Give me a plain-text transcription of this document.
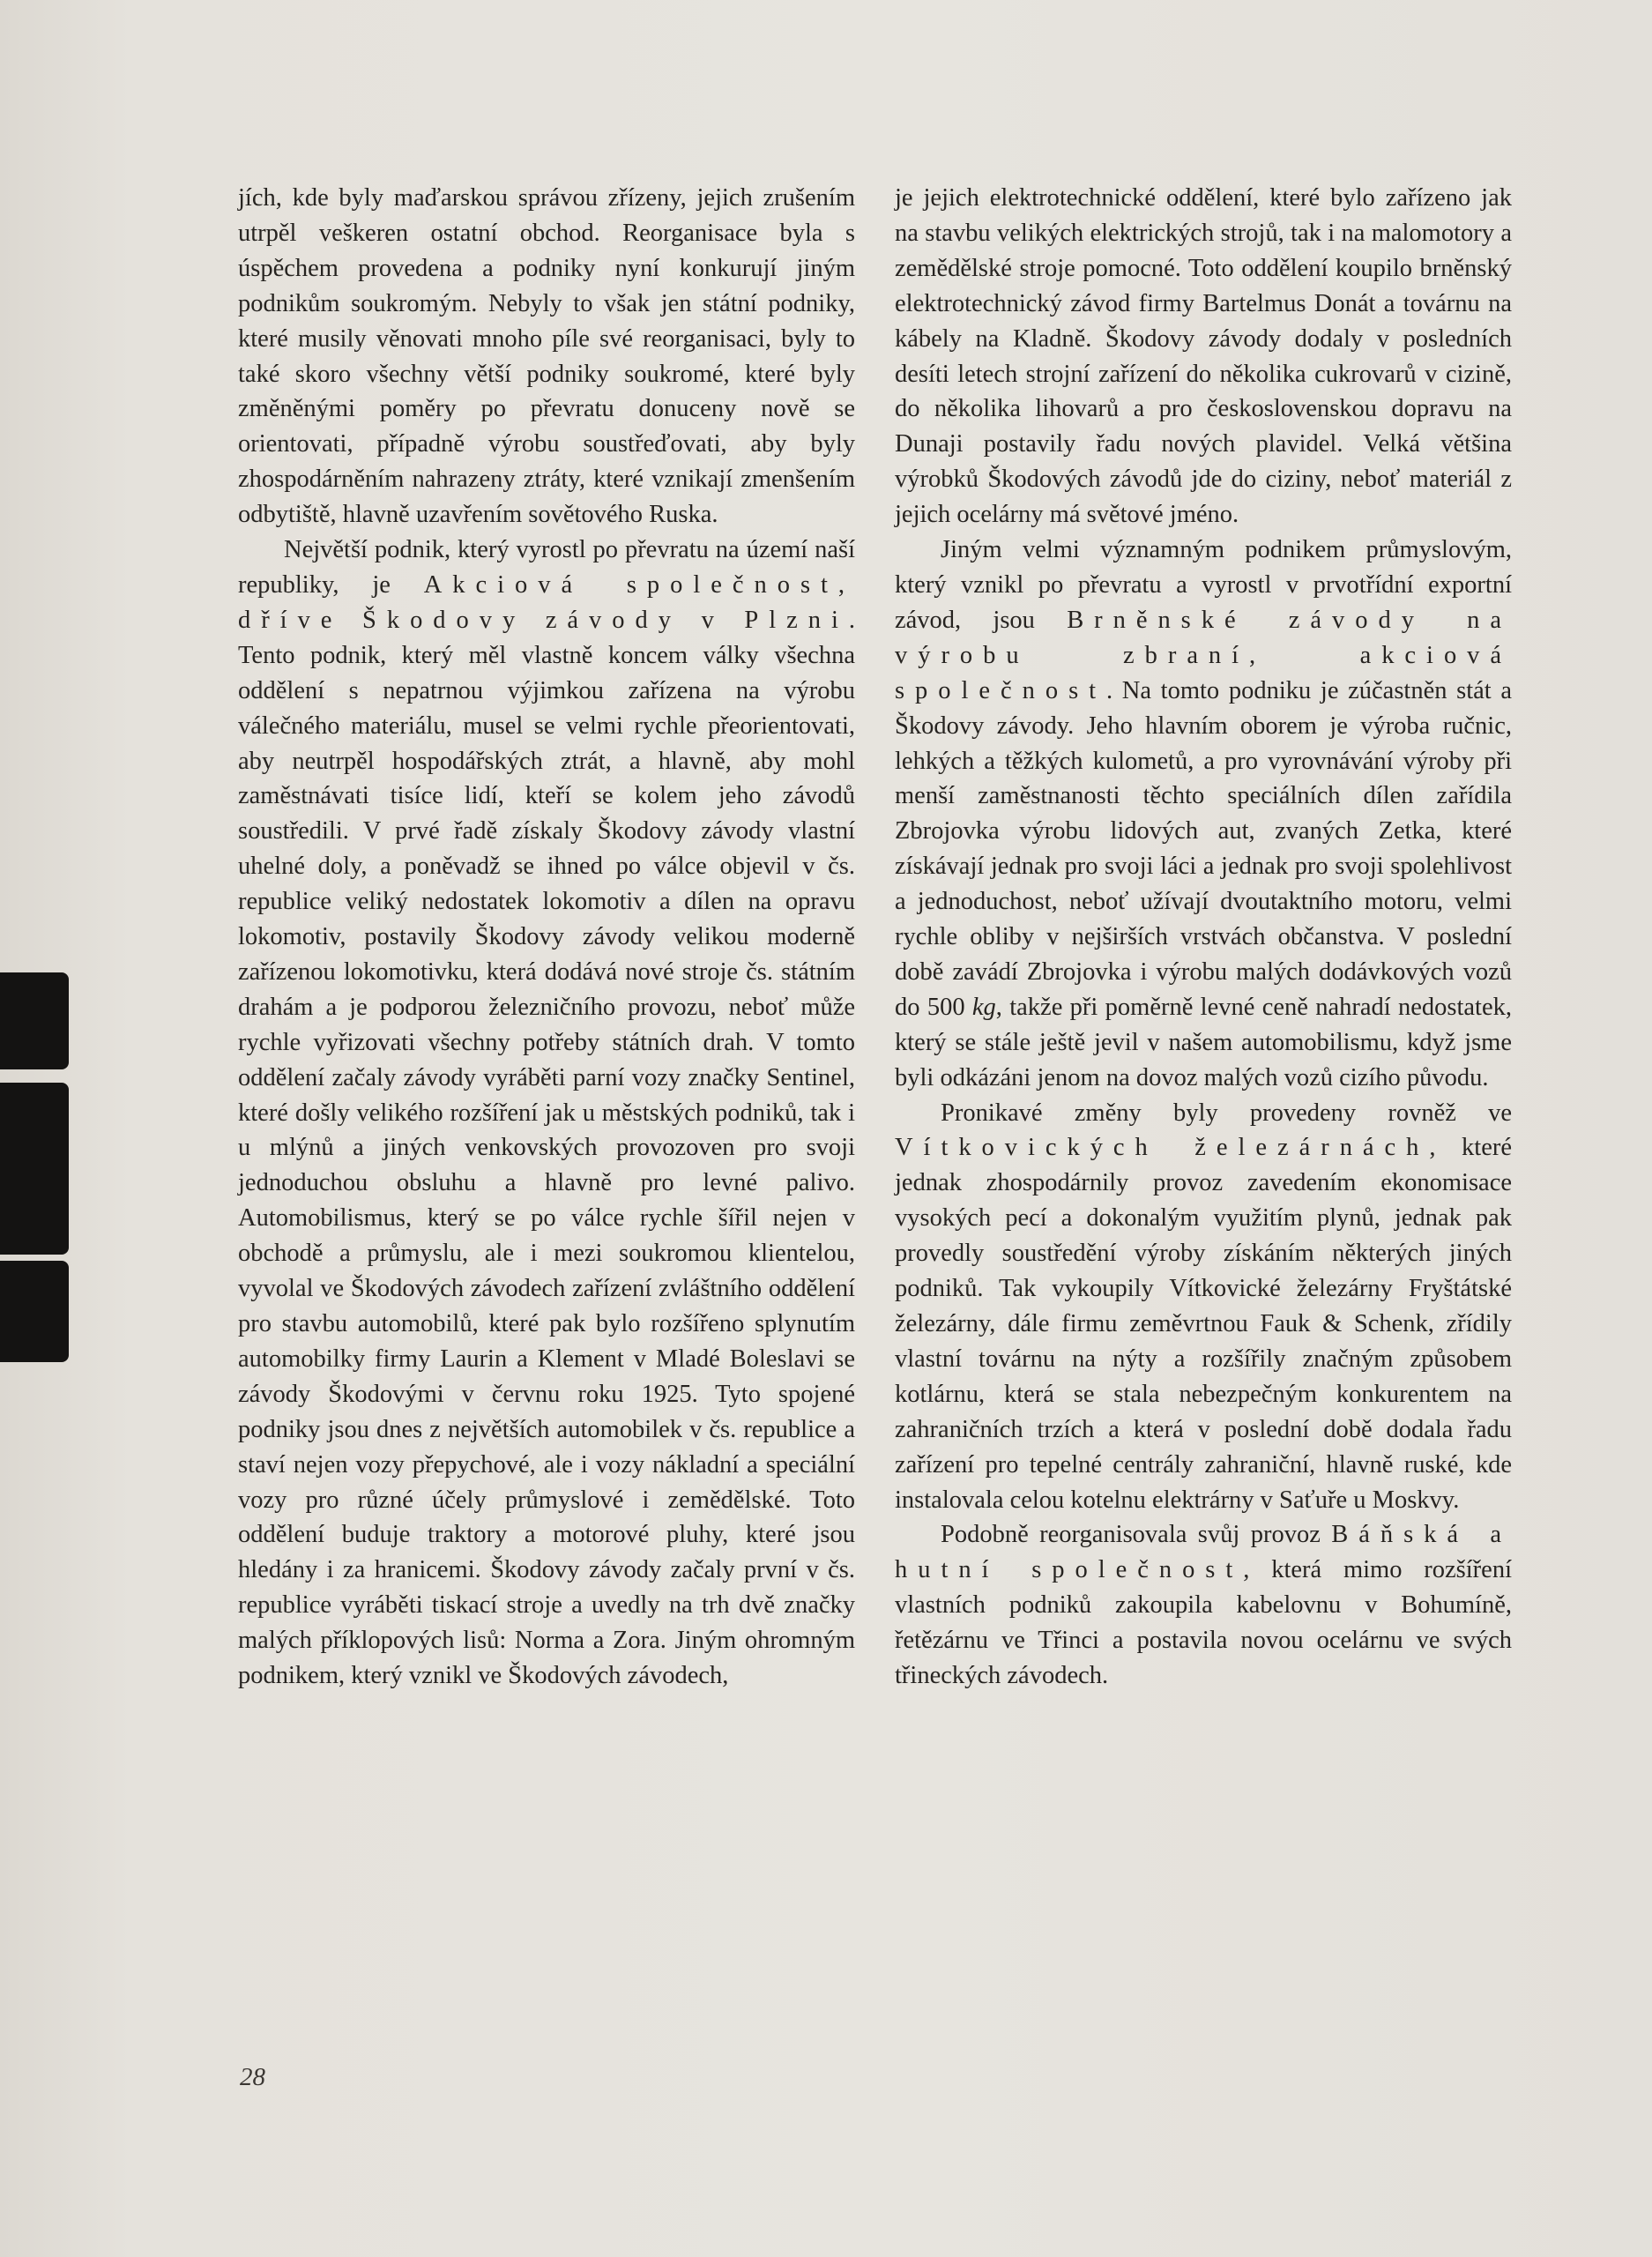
jích, kde byly maďarskou správou zřízeny, jejich zrušením utrpěl veškeren ostatní obchod. Reorganisace byla s úspěchem provedena a podniky nyní konkurují jiným podnikům soukromým. Nebyly to však jen státní podniky, které musily věnovati mnoho píle své reorganisaci, byly to také skoro všechny větší podniky soukromé, které byly změněnými poměry po převratu donuceny nově se orientovati, případně výrobu soustřeďovati, aby byly zhospodárněním nahrazeny ztráty, které vznikají zmenšením odbytiště, hlavně uzavřením sovětového Ruska.

Největší podnik, který vyrostl po převratu na území naší republiky, je Akciová společnost, dříve Škodovy závody v Plzni. Tento podnik, který měl vlastně koncem války všechna oddělení s nepatrnou výjimkou zařízena na výrobu válečného materiálu, musel se velmi rychle přeorientovati, aby neutrpěl hospodářských ztrát, a hlavně, aby mohl zaměstnávati tisíce lidí, kteří se kolem jeho závodů soustředili. V prvé řadě získaly Škodovy závody vlastní uhelné doly, a poněvadž se ihned po válce objevil v čs. republice veliký nedostatek lokomotiv a dílen na opravu lokomotiv, postavily Škodovy závody velikou moderně zařízenou lokomotivku, která dodává nové stroje čs. státním drahám a je podporou železničního provozu, neboť může rychle vyřizovati všechny potřeby státních drah. V tomto oddělení začaly závody vyráběti parní vozy značky Sentinel, které došly velikého rozšíření jak u městských podniků, tak i u mlýnů a jiných venkovských provozoven pro svoji jednoduchou obsluhu a hlavně pro levné palivo. Automobilismus, který se po válce rychle šířil nejen v obchodě a průmyslu, ale i mezi soukromou klientelou, vyvolal ve Škodových závodech zařízení zvláštního oddělení pro stavbu automobilů, které pak bylo rozšířeno splynutím automobilky firmy Laurin a Klement v Mladé Boleslavi se závody Škodovými v červnu roku 1925. Tyto spojené podniky jsou dnes z největších automobilek v čs. republice a staví nejen vozy přepychové, ale i vozy nákladní a speciální vozy pro různé účely průmyslové i zemědělské. Toto oddělení buduje traktory a motorové pluhy, které jsou hledány i za hranicemi. Škodovy závody začaly první v čs. republice vyráběti tiskací stroje a uvedly na trh dvě značky malých příklopových lisů: Norma a Zora. Jiným ohromným podnikem, který vznikl ve Škodových závodech,

je jejich elektrotechnické oddělení, které bylo zařízeno jak na stavbu velikých elektrických strojů, tak i na malomotory a zemědělské stroje pomocné. Toto oddělení koupilo brněnský elektrotechnický závod firmy Bartelmus Donát a továrnu na kábely na Kladně. Škodovy závody dodaly v posledních desíti letech strojní zařízení do několika cukrovarů v cizině, do několika lihovarů a pro československou dopravu na Dunaji postavily řadu nových plavidel. Velká většina výrobků Škodových závodů jde do ciziny, neboť materiál z jejich ocelárny má světové jméno.

Jiným velmi významným podnikem průmyslovým, který vznikl po převratu a vyrostl v prvotřídní exportní závod, jsou Brněnské závody na výrobu zbraní, akciová společnost. Na tomto podniku je zúčastněn stát a Škodovy závody. Jeho hlavním oborem je výroba ručnic, lehkých a těžkých kulometů, a pro vyrovnávání výroby při menší zaměstnanosti těchto speciálních dílen zařídila Zbrojovka výrobu lidových aut, zvaných Zetka, které získávají jednak pro svoji láci a jednak pro svoji spolehlivost a jednoduchost, neboť užívají dvoutaktního motoru, velmi rychle obliby v nejširších vrstvách občanstva. V poslední době zavádí Zbrojovka i výrobu malých dodávkových vozů do 500 kg, takže při poměrně levné ceně nahradí nedostatek, který se stále ještě jevil v našem automobilismu, když jsme byli odkázáni jenom na dovoz malých vozů cizího původu.

Pronikavé změny byly provedeny rovněž ve Vítkovických železárnách, které jednak zhospodárnily provoz zavedením ekonomisace vysokých pecí a dokonalým využitím plynů, jednak pak provedly soustředění výroby získáním některých jiných podniků. Tak vykoupily Vítkovické železárny Fryštátské železárny, dále firmu zeměvrtnou Fauk & Schenk, zřídily vlastní továrnu na nýty a rozšířily značným způsobem kotlárnu, která se stala nebezpečným konkurentem na zahraničních trzích a která v poslední době dodala řadu zařízení pro tepelné centrály zahraniční, hlavně ruské, kde instalovala celou kotelnu elektrárny v Saťuře u Moskvy.

Podobně reorganisovala svůj provoz Báňská a hutní společnost, která mimo rozšíření vlastních podniků zakoupila kabelovnu v Bohumíně, řetězárnu ve Třinci a postavila novou ocelárnu ve svých třineckých závodech.

28
